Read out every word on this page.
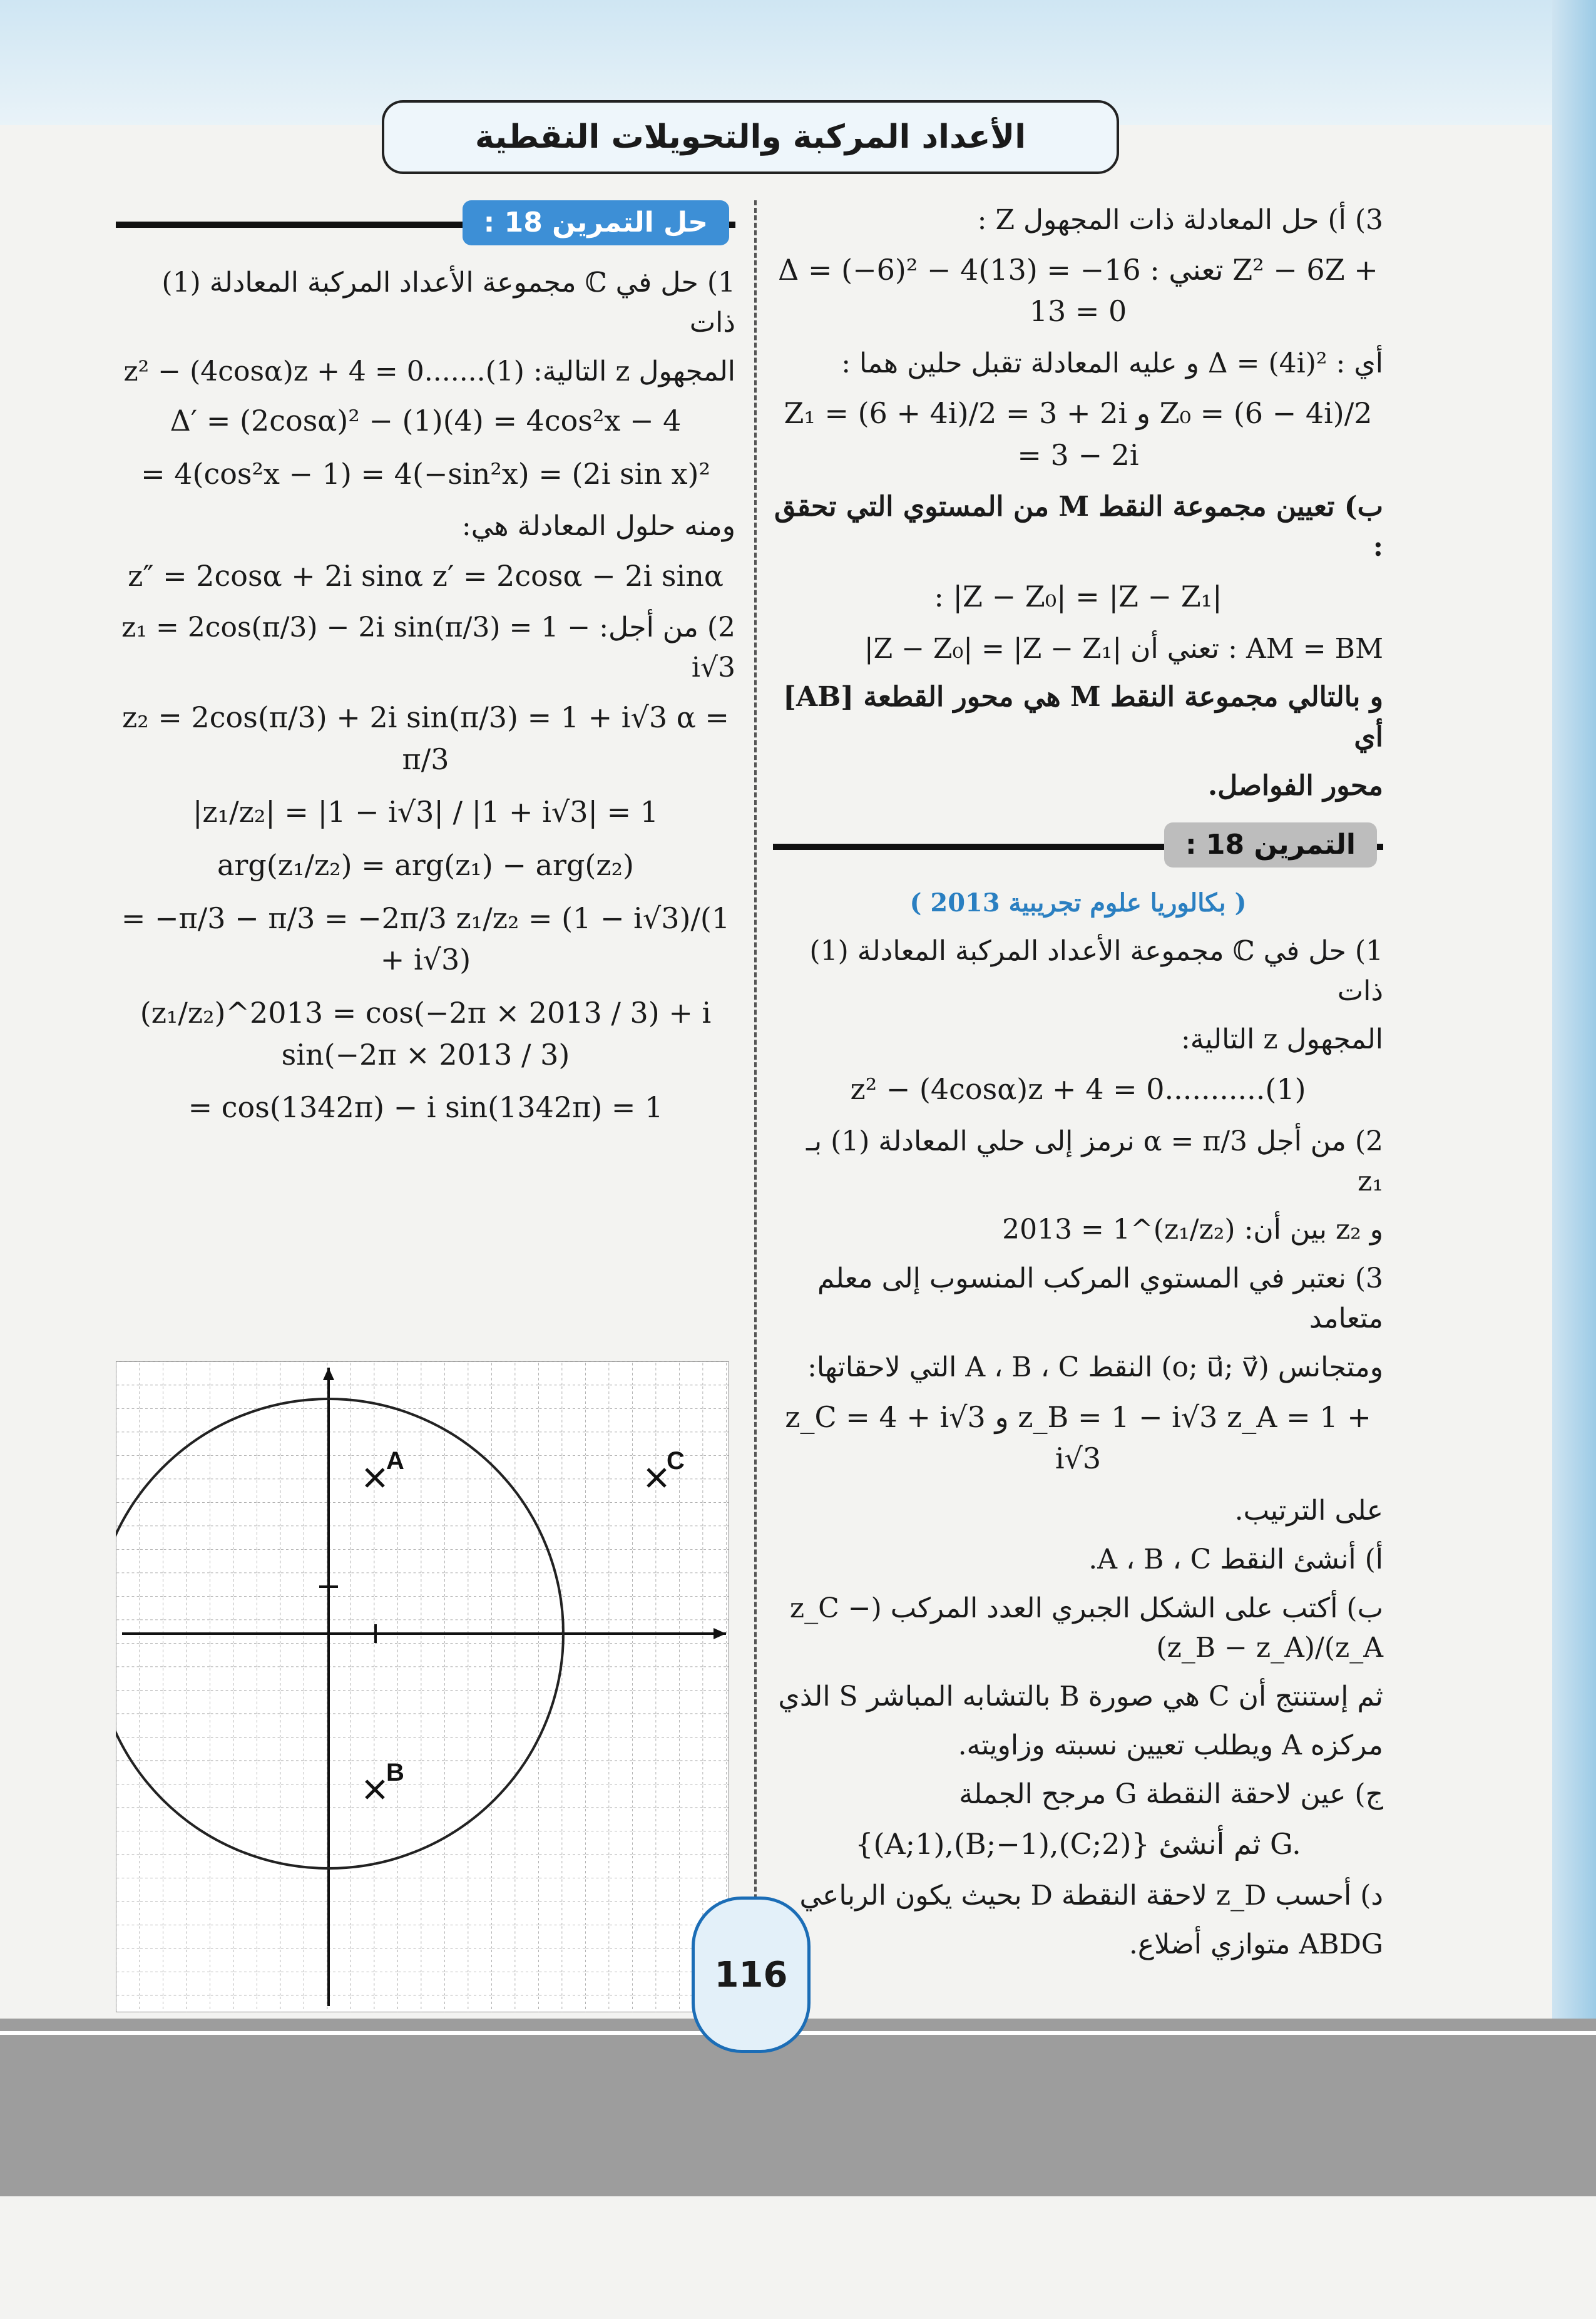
الأعداد المركبة والتحويلات النقطية
3) أ) حل المعادلة ذات المجهول Z :
Δ = (−6)² − 4(13) = −16 : تعني Z² − 6Z + 13 = 0
أي : Δ = (4i)² و عليه المعادلة تقبل حلين هما :
Z₁ = (6 + 4i)/2 = 3 + 2i و Z₀ = (6 − 4i)/2 = 3 − 2i
ب) تعيين مجموعة النقط M من المستوي التي تحقق :
: |Z − Z₀| = |Z − Z₁|
AM = BM : تعني أن |Z − Z₀| = |Z − Z₁|
و بالتالي مجموعة النقط M هي محور القطعة [AB] أي
محور الفواصل.
التمرين 18 :
( بكالوريا علوم تجريبية 2013 )
1) حل في ℂ مجموعة الأعداد المركبة المعادلة (1) ذات
المجهول z التالية:
z² − (4cosα)z + 4 = 0...........(1)
2) من أجل α = π/3 نرمز إلى حلي المعادلة (1) بـ z₁
و z₂ بين أن: (z₁/z₂)^2013 = 1
3) نعتبر في المستوي المركب المنسوب إلى معلم متعامد
ومتجانس (o; u⃗; v⃗) النقط A ، B ، C التي لاحقاتها:
z_C = 4 + i√3 و z_B = 1 − i√3 z_A = 1 + i√3
على الترتيب.
أ) أنشئ النقط A ، B ، C.
ب) أكتب على الشكل الجبري العدد المركب (z_C − z_A)/(z_B − z_A)
ثم إستنتج أن C هي صورة B بالتشابه المباشر S الذي
مركزه A ويطلب تعيين نسبته وزاويته.
ج) عين لاحقة النقطة G مرجح الجملة
{(A;1),(B;−1),(C;2)} ثم أنشئ G.
د) أحسب z_D لاحقة النقطة D بحيث يكون الرباعي
ABDG متوازي أضلاع.
حل التمرين 18 :
1) حل في ℂ مجموعة الأعداد المركبة المعادلة (1) ذات
المجهول z التالية: z² − (4cosα)z + 4 = 0.......(1)
Δ′ = (2cosα)² − (1)(4) = 4cos²x − 4
= 4(cos²x − 1) = 4(−sin²x) = (2i sin x)²
ومنه حلول المعادلة هي:
z″ = 2cosα + 2i sinα z′ = 2cosα − 2i sinα
2) من أجل: z₁ = 2cos(π/3) − 2i sin(π/3) = 1 − i√3
z₂ = 2cos(π/3) + 2i sin(π/3) = 1 + i√3 α = π/3
|z₁/z₂| = |1 − i√3| / |1 + i√3| = 1
arg(z₁/z₂) = arg(z₁) − arg(z₂)
= −π/3 − π/3 = −2π/3 z₁/z₂ = (1 − i√3)/(1 + i√3)
(z₁/z₂)^2013 = cos(−2π × 2013 / 3) + i sin(−2π × 2013 / 3)
= cos(1342π) − i sin(1342π) = 1
A
B
C
116
